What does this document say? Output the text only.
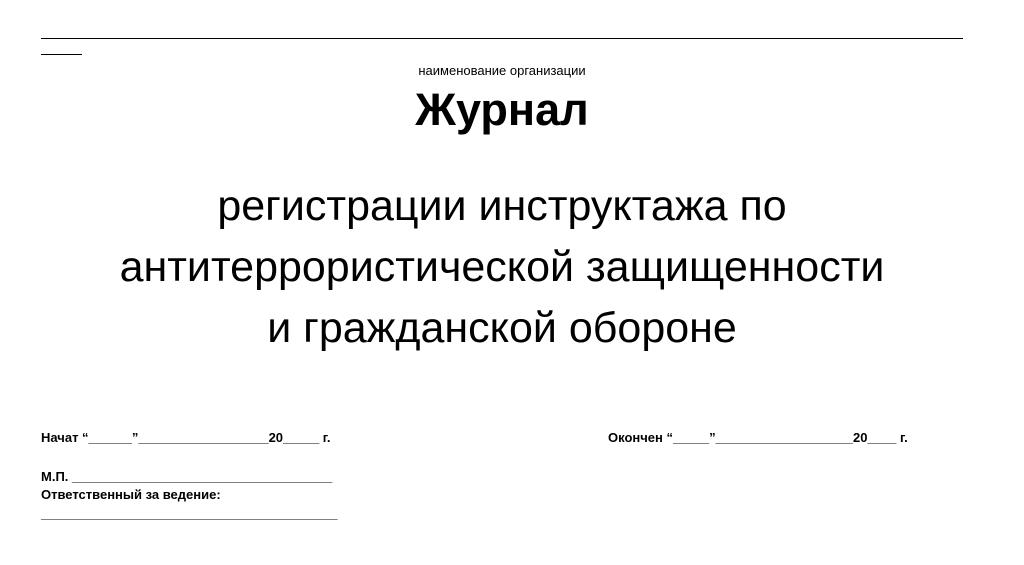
наименование организации
Журнал
регистрации инструктажа по
антитеррористической защищенности
и гражданской обороне
Начат “______”__________________20_____ г.	Окончен “_____”___________________20____ г.
М.П. ____________________________________
Ответственный за ведение:
_________________________________________
